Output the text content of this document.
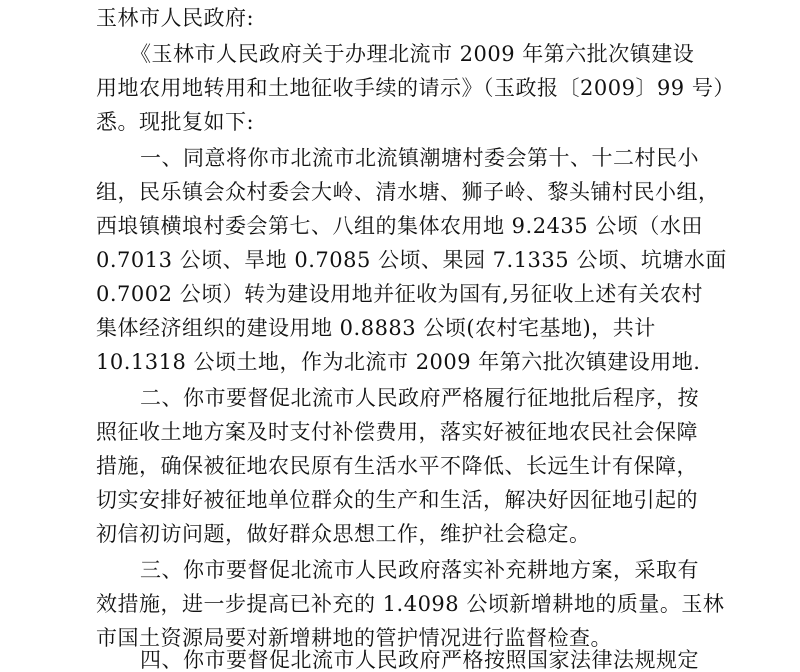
玉林市人民政府:
《玉林市人民政府关于办理北流市 2009 年第六批次镇建设
用地农用地转用和土地征收手续的请示》（玉政报〔2009〕99 号）
悉。现批复如下:
一、同意将你市北流市北流镇潮塘村委会第十、十二村民小
组，民乐镇会众村委会大岭、清水塘、狮子岭、黎头铺村民小组，
西埌镇横埌村委会第七、八组的集体农用地 9.2435 公顷（水田
0.7013 公顷、旱地 0.7085 公顷、果园 7.1335 公顷、坑塘水面
0.7002 公顷）转为建设用地并征收为国有,另征收上述有关农村
集体经济组织的建设用地 0.8883 公顷(农村宅基地)，共计
10.1318 公顷土地，作为北流市 2009 年第六批次镇建设用地.
二、你市要督促北流市人民政府严格履行征地批后程序，按
照征收土地方案及时支付补偿费用，落实好被征地农民社会保障
措施，确保被征地农民原有生活水平不降低、长远生计有保障，
切实安排好被征地单位群众的生产和生活，解决好因征地引起的
初信初访问题，做好群众思想工作，维护社会稳定。
三、你市要督促北流市人民政府落实补充耕地方案，采取有
效措施，进一步提高已补充的 1.4098 公顷新增耕地的质量。玉林
市国土资源局要对新增耕地的管护情况进行监督检查。
四、你市要督促北流市人民政府严格按照国家法律法规规定
